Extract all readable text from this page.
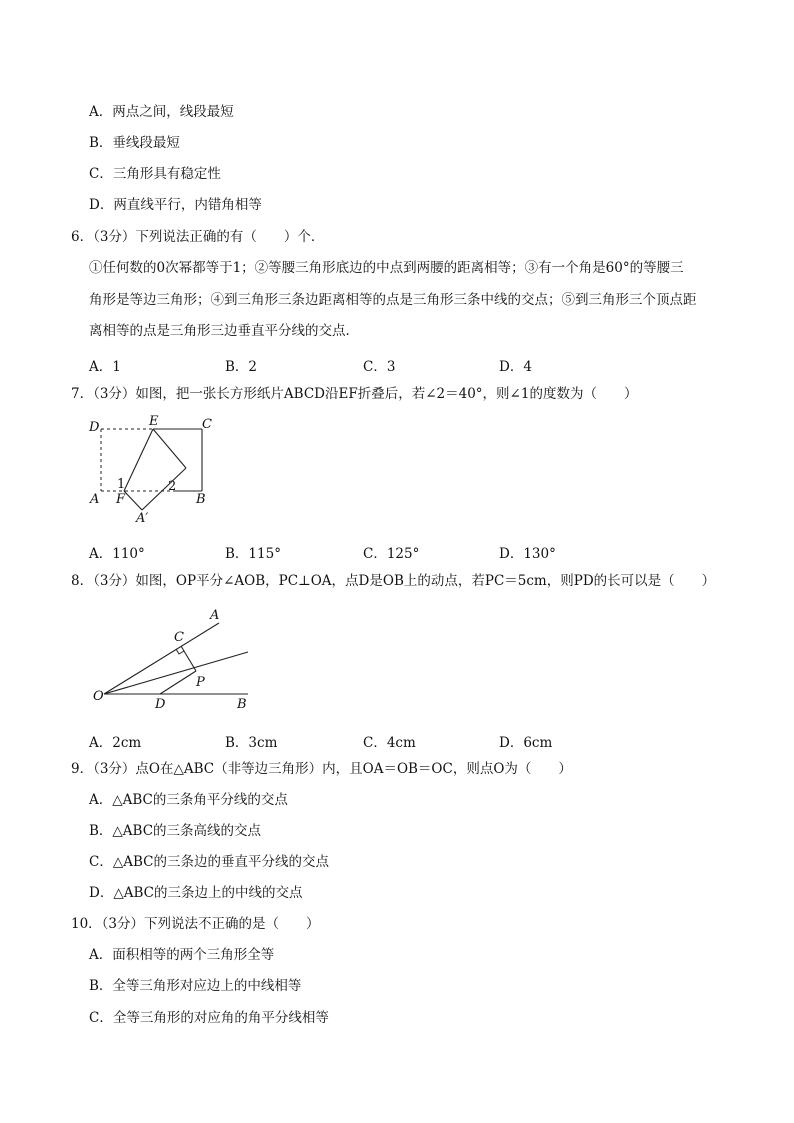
A．两点之间，线段最短
B．垂线段最短
C．三角形具有稳定性
D．两直线平行，内错角相等
6．（3分）下列说法正确的有（　　）个．
①任何数的0次幂都等于1；②等腰三角形底边的中点到两腰的距离相等；③有一个角是60°的等腰三
角形是等边三角形；④到三角形三条边距离相等的点是三角形三条中线的交点；⑤到三角形三个顶点距
离相等的点是三角形三边垂直平分线的交点．
A．1	B．2	C．3	D．4
7．（3分）如图，把一张长方形纸片ABCD沿EF折叠后，若∠2＝40°，则∠1的度数为（　　）
D	E	C
A F	B
A′
1	2
A．110°	B．115°	C．125°	D．130°
8．（3分）如图，OP平分∠AOB，PC⊥OA，点D是OB上的动点，若PC＝5cm，则PD的长可以是（　　）
A
C
P
O
D	B
A．2cm	B．3cm	C．4cm	D．6cm
9．（3分）点O在△ABC（非等边三角形）内，且OA＝OB＝OC，则点O为（　　）
A．△ABC的三条角平分线的交点
B．△ABC的三条高线的交点
C．△ABC的三条边的垂直平分线的交点
D．△ABC的三条边上的中线的交点
10．（3分）下列说法不正确的是（　　）
A．面积相等的两个三角形全等
B．全等三角形对应边上的中线相等
C．全等三角形的对应角的角平分线相等
